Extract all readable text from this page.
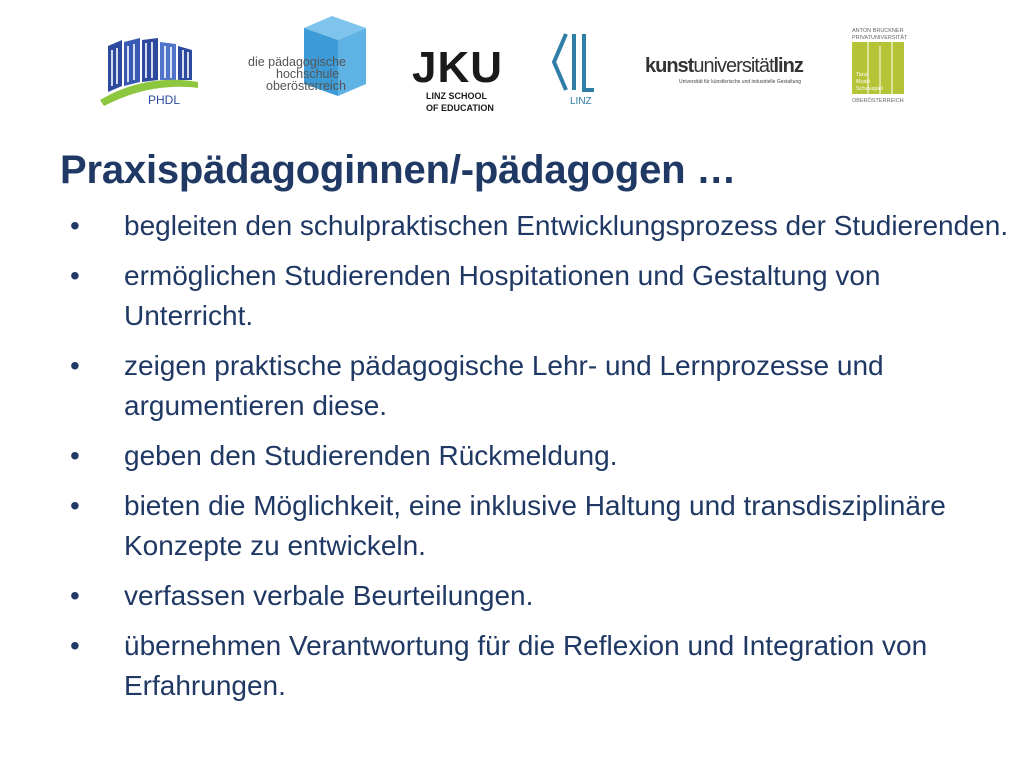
PHDL
die pädagogische
hochschule
oberösterreich JKU
LINZ SCHOOL
OF EDUCATION
LINZ
kunstuniversitätlinz
Universität für künstlerische und industrielle Gestaltung
ANTON BRUCKNER
PRIVATUNIVERSITÄT
Tanz
Musik
Schauspiel
OBERÖSTERREICH
Praxispädagoginnen/-pädagogen …
• begleiten den schulpraktischen Entwicklungsprozess der Studierenden.
• ermöglichen Studierenden Hospitationen und Gestaltung von Unterricht.
• zeigen praktische pädagogische Lehr- und Lernprozesse und argumentieren diese.
• geben den Studierenden Rückmeldung.
• bieten die Möglichkeit, eine inklusive Haltung und transdisziplinäre Konzepte zu entwickeln.
• verfassen verbale Beurteilungen.
• übernehmen Verantwortung für die Reflexion und Integration von Erfahrungen.
